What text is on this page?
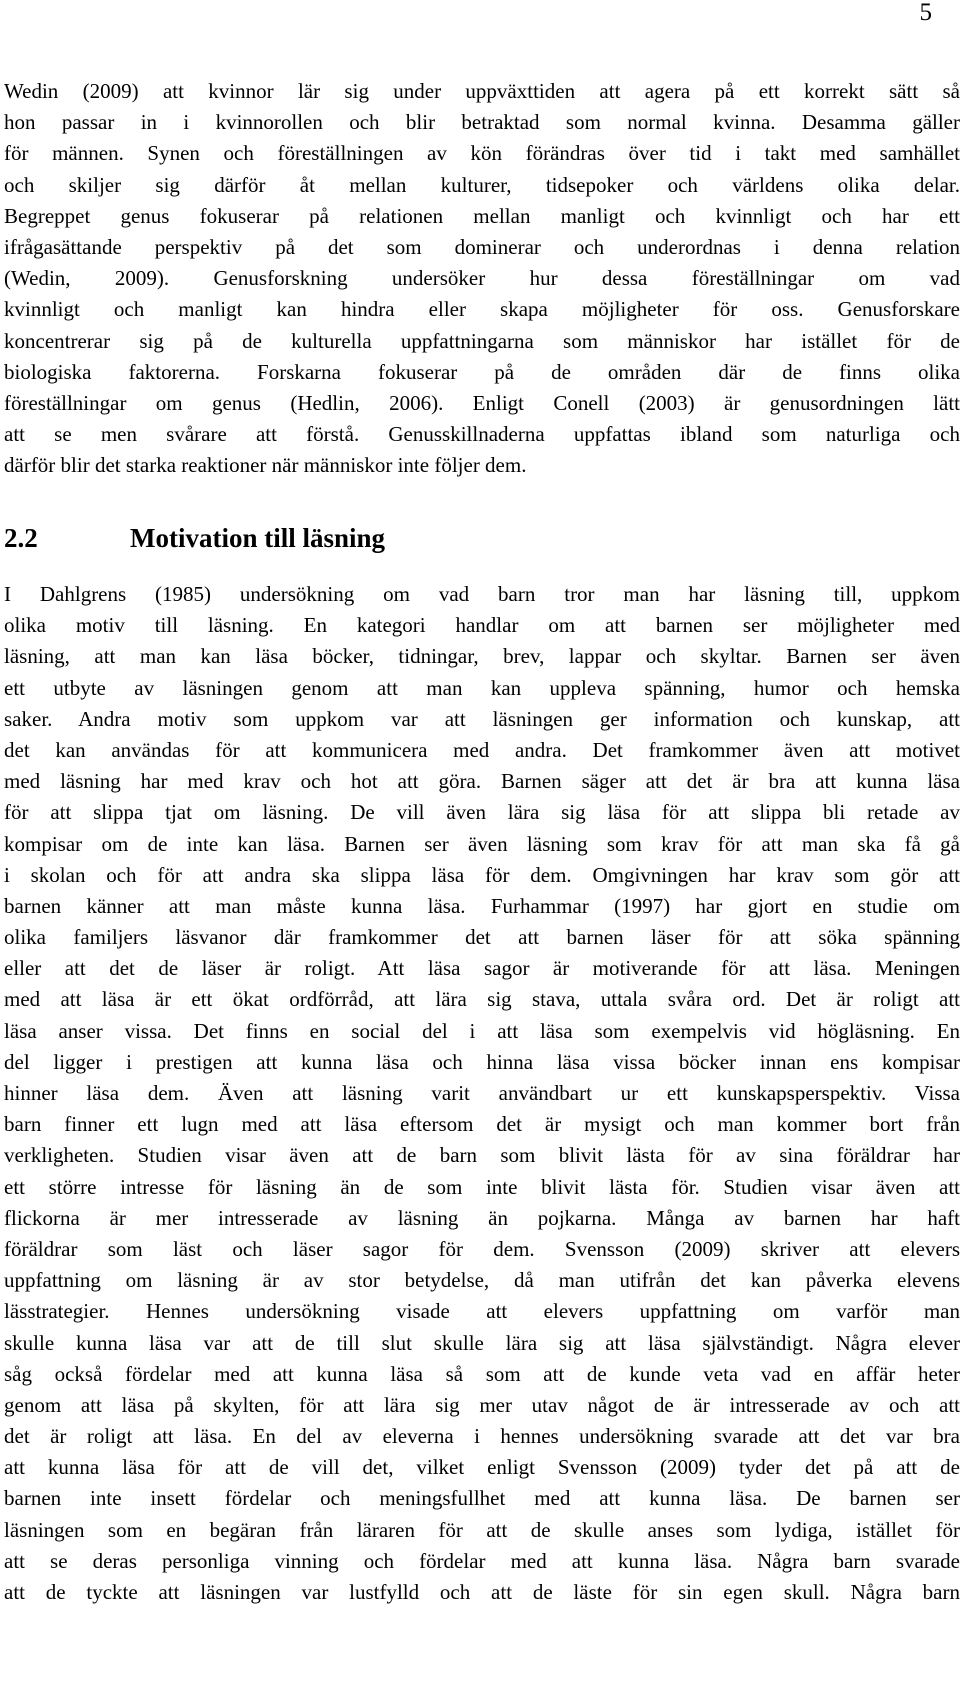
5
Wedin (2009) att kvinnor lär sig under uppväxttiden att agera på ett korrekt sätt så
hon passar in i kvinnorollen och blir betraktad som normal kvinna. Desamma gäller
för männen. Synen och föreställningen av kön förändras över tid i takt med samhället
och skiljer sig därför åt mellan kulturer, tidsepoker och världens olika delar.
Begreppet genus fokuserar på relationen mellan manligt och kvinnligt och har ett
ifrågasättande perspektiv på det som dominerar och underordnas i denna relation
(Wedin, 2009). Genusforskning undersöker hur dessa föreställningar om vad
kvinnligt och manligt kan hindra eller skapa möjligheter för oss. Genusforskare
koncentrerar sig på de kulturella uppfattningarna som människor har istället för de
biologiska faktorerna. Forskarna fokuserar på de områden där de finns olika
föreställningar om genus (Hedlin, 2006). Enligt Conell (2003) är genusordningen lätt
att se men svårare att förstå. Genusskillnaderna uppfattas ibland som naturliga och
därför blir det starka reaktioner när människor inte följer dem.
2.2	Motivation till läsning
I Dahlgrens (1985) undersökning om vad barn tror man har läsning till, uppkom
olika motiv till läsning. En kategori handlar om att barnen ser möjligheter med
läsning, att man kan läsa böcker, tidningar, brev, lappar och skyltar. Barnen ser även
ett utbyte av läsningen genom att man kan uppleva spänning, humor och hemska
saker. Andra motiv som uppkom var att läsningen ger information och kunskap, att
det kan användas för att kommunicera med andra. Det framkommer även att motivet
med läsning har med krav och hot att göra. Barnen säger att det är bra att kunna läsa
för att slippa tjat om läsning. De vill även lära sig läsa för att slippa bli retade av
kompisar om de inte kan läsa. Barnen ser även läsning som krav för att man ska få gå
i skolan och för att andra ska slippa läsa för dem. Omgivningen har krav som gör att
barnen känner att man måste kunna läsa. Furhammar (1997) har gjort en studie om
olika familjers läsvanor där framkommer det att barnen läser för att söka spänning
eller att det de läser är roligt. Att läsa sagor är motiverande för att läsa. Meningen
med att läsa är ett ökat ordförråd, att lära sig stava, uttala svåra ord. Det är roligt att
läsa anser vissa. Det finns en social del i att läsa som exempelvis vid högläsning. En
del ligger i prestigen att kunna läsa och hinna läsa vissa böcker innan ens kompisar
hinner läsa dem. Även att läsning varit användbart ur ett kunskapsperspektiv. Vissa
barn finner ett lugn med att läsa eftersom det är mysigt och man kommer bort från
verkligheten. Studien visar även att de barn som blivit lästa för av sina föräldrar har
ett större intresse för läsning än de som inte blivit lästa för. Studien visar även att
flickorna är mer intresserade av läsning än pojkarna. Många av barnen har haft
föräldrar som läst och läser sagor för dem. Svensson (2009) skriver att elevers
uppfattning om läsning är av stor betydelse, då man utifrån det kan påverka elevens
lässtrategier. Hennes undersökning visade att elevers uppfattning om varför man
skulle kunna läsa var att de till slut skulle lära sig att läsa självständigt. Några elever
såg också fördelar med att kunna läsa så som att de kunde veta vad en affär heter
genom att läsa på skylten, för att lära sig mer utav något de är intresserade av och att
det är roligt att läsa. En del av eleverna i hennes undersökning svarade att det var bra
att kunna läsa för att de vill det, vilket enligt Svensson (2009) tyder det på att de
barnen inte insett fördelar och meningsfullhet med att kunna läsa. De barnen ser
läsningen som en begäran från läraren för att de skulle anses som lydiga, istället för
att se deras personliga vinning och fördelar med att kunna läsa. Några barn svarade
att de tyckte att läsningen var lustfylld och att de läste för sin egen skull. Några barn
